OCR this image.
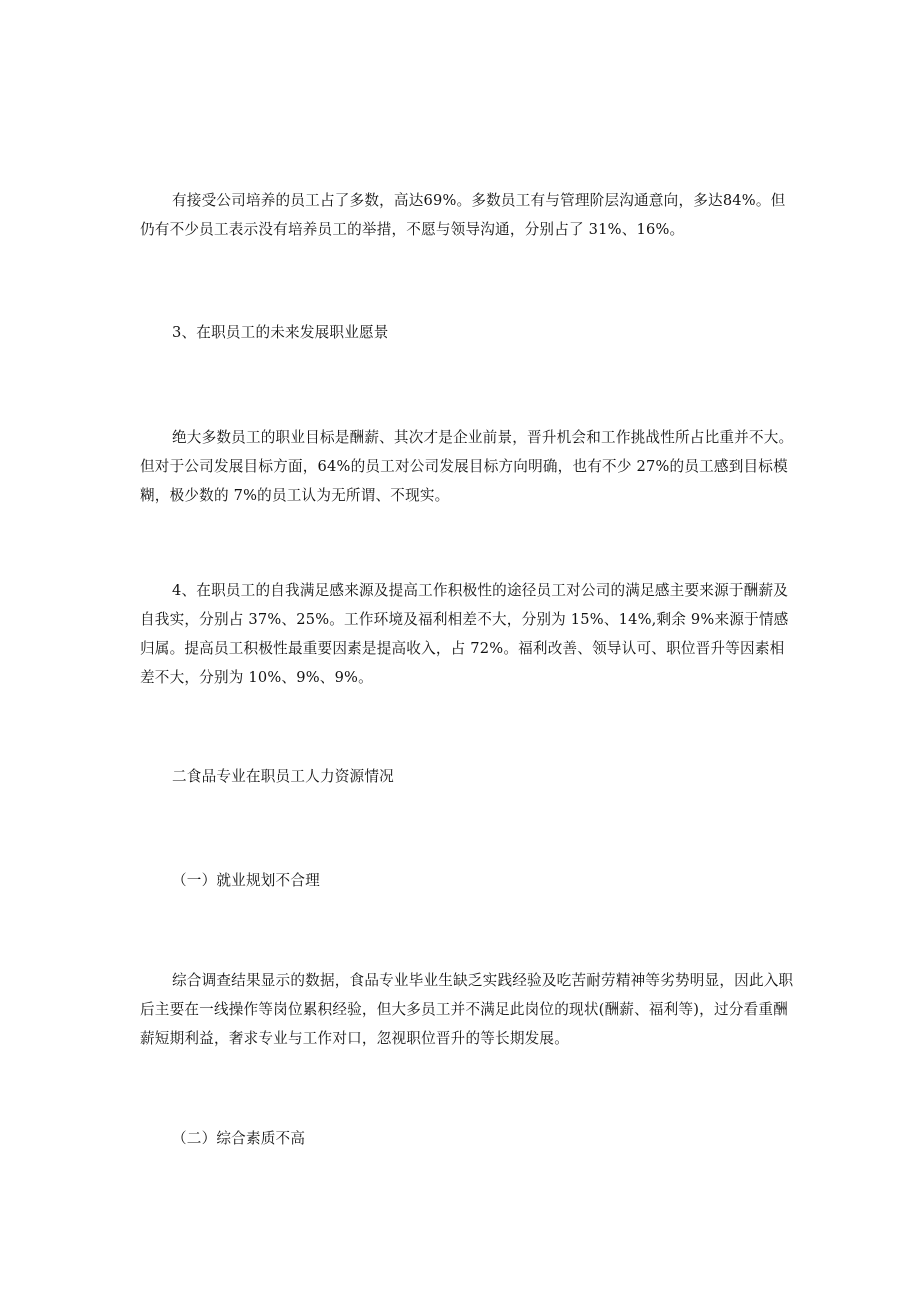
有接受公司培养的员工占了多数，高达69%。多数员工有与管理阶层沟通意向，多达84%。但仍有不少员工表示没有培养员工的举措，不愿与领导沟通，分别占了 31%、16%。

3、在职员工的未来发展职业愿景

绝大多数员工的职业目标是酬薪、其次才是企业前景，晋升机会和工作挑战性所占比重并不大。但对于公司发展目标方面，64%的员工对公司发展目标方向明确，也有不少 27%的员工感到目标模糊，极少数的 7%的员工认为无所谓、不现实。

4、在职员工的自我满足感来源及提高工作积极性的途径员工对公司的满足感主要来源于酬薪及自我实，分别占 37%、25%。工作环境及福利相差不大，分别为 15%、14%,剩余 9%来源于情感归属。提高员工积极性最重要因素是提高收入，占 72%。福利改善、领导认可、职位晋升等因素相差不大，分别为 10%、9%、9%。

二食品专业在职员工人力资源情况

（一）就业规划不合理

综合调查结果显示的数据，食品专业毕业生缺乏实践经验及吃苦耐劳精神等劣势明显，因此入职后主要在一线操作等岗位累积经验，但大多员工并不满足此岗位的现状(酬薪、福利等)，过分看重酬薪短期利益，奢求专业与工作对口，忽视职位晋升的等长期发展。

（二）综合素质不高
